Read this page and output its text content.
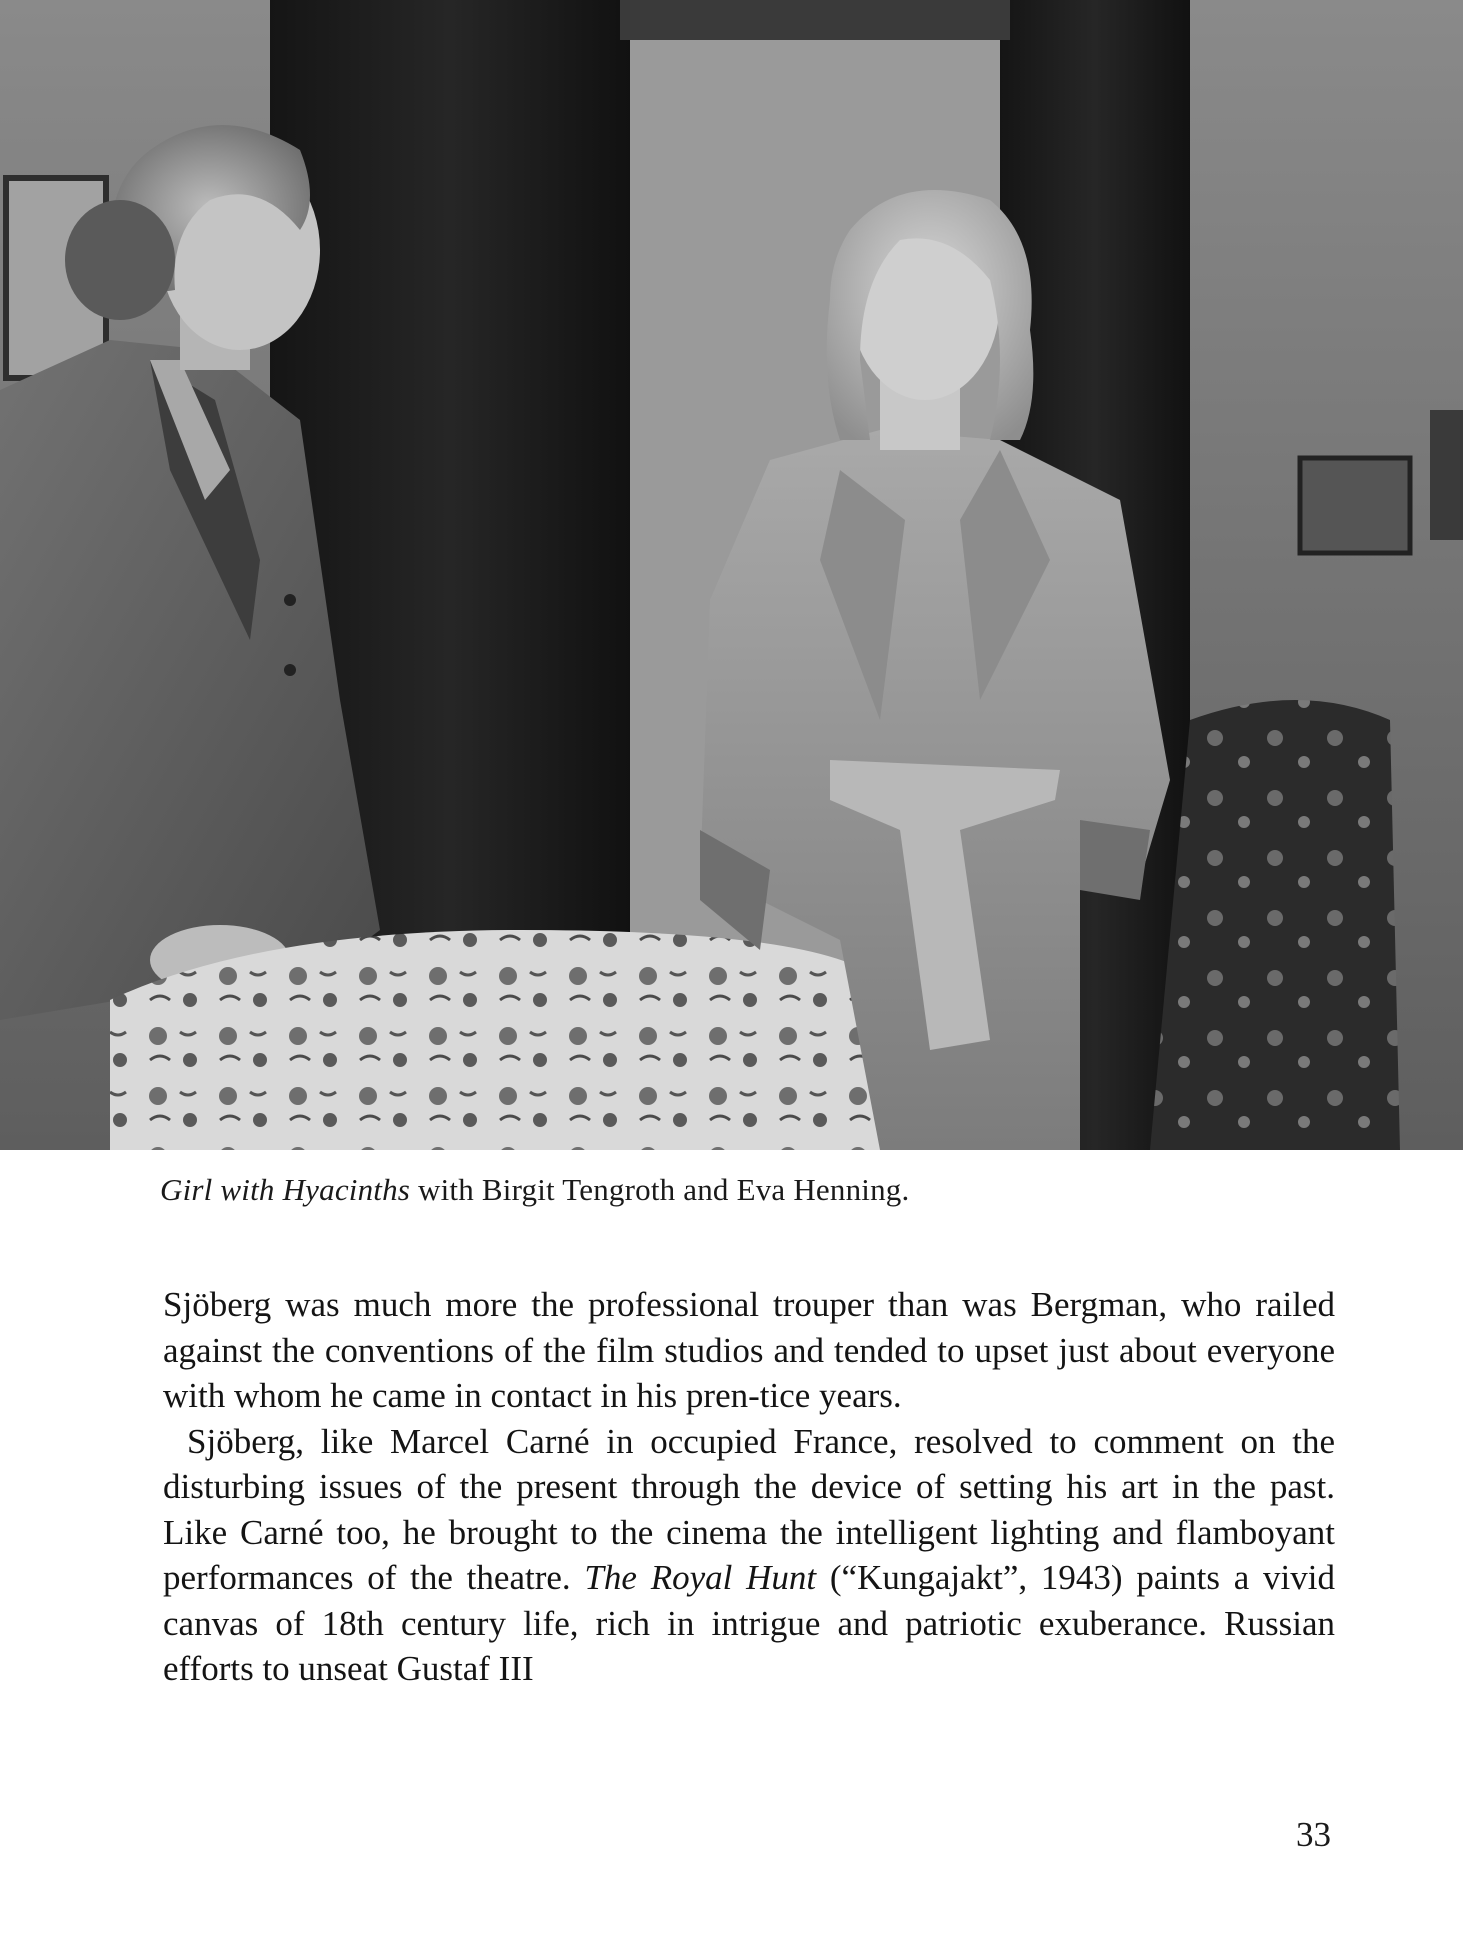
Girl with Hyacinths with Birgit Tengroth and Eva Henning.

Sjöberg was much more the professional trouper than was Bergman, who railed against the conventions of the film studios and tended to upset just about everyone with whom he came in contact in his pren-tice years.

Sjöberg, like Marcel Carné in occupied France, resolved to comment on the disturbing issues of the present through the device of setting his art in the past. Like Carné too, he brought to the cinema the intelligent lighting and flamboyant performances of the theatre. The Royal Hunt (“Kungajakt”, 1943) paints a vivid canvas of 18th century life, rich in intrigue and patriotic exuberance. Russian efforts to unseat Gustaf III

33
